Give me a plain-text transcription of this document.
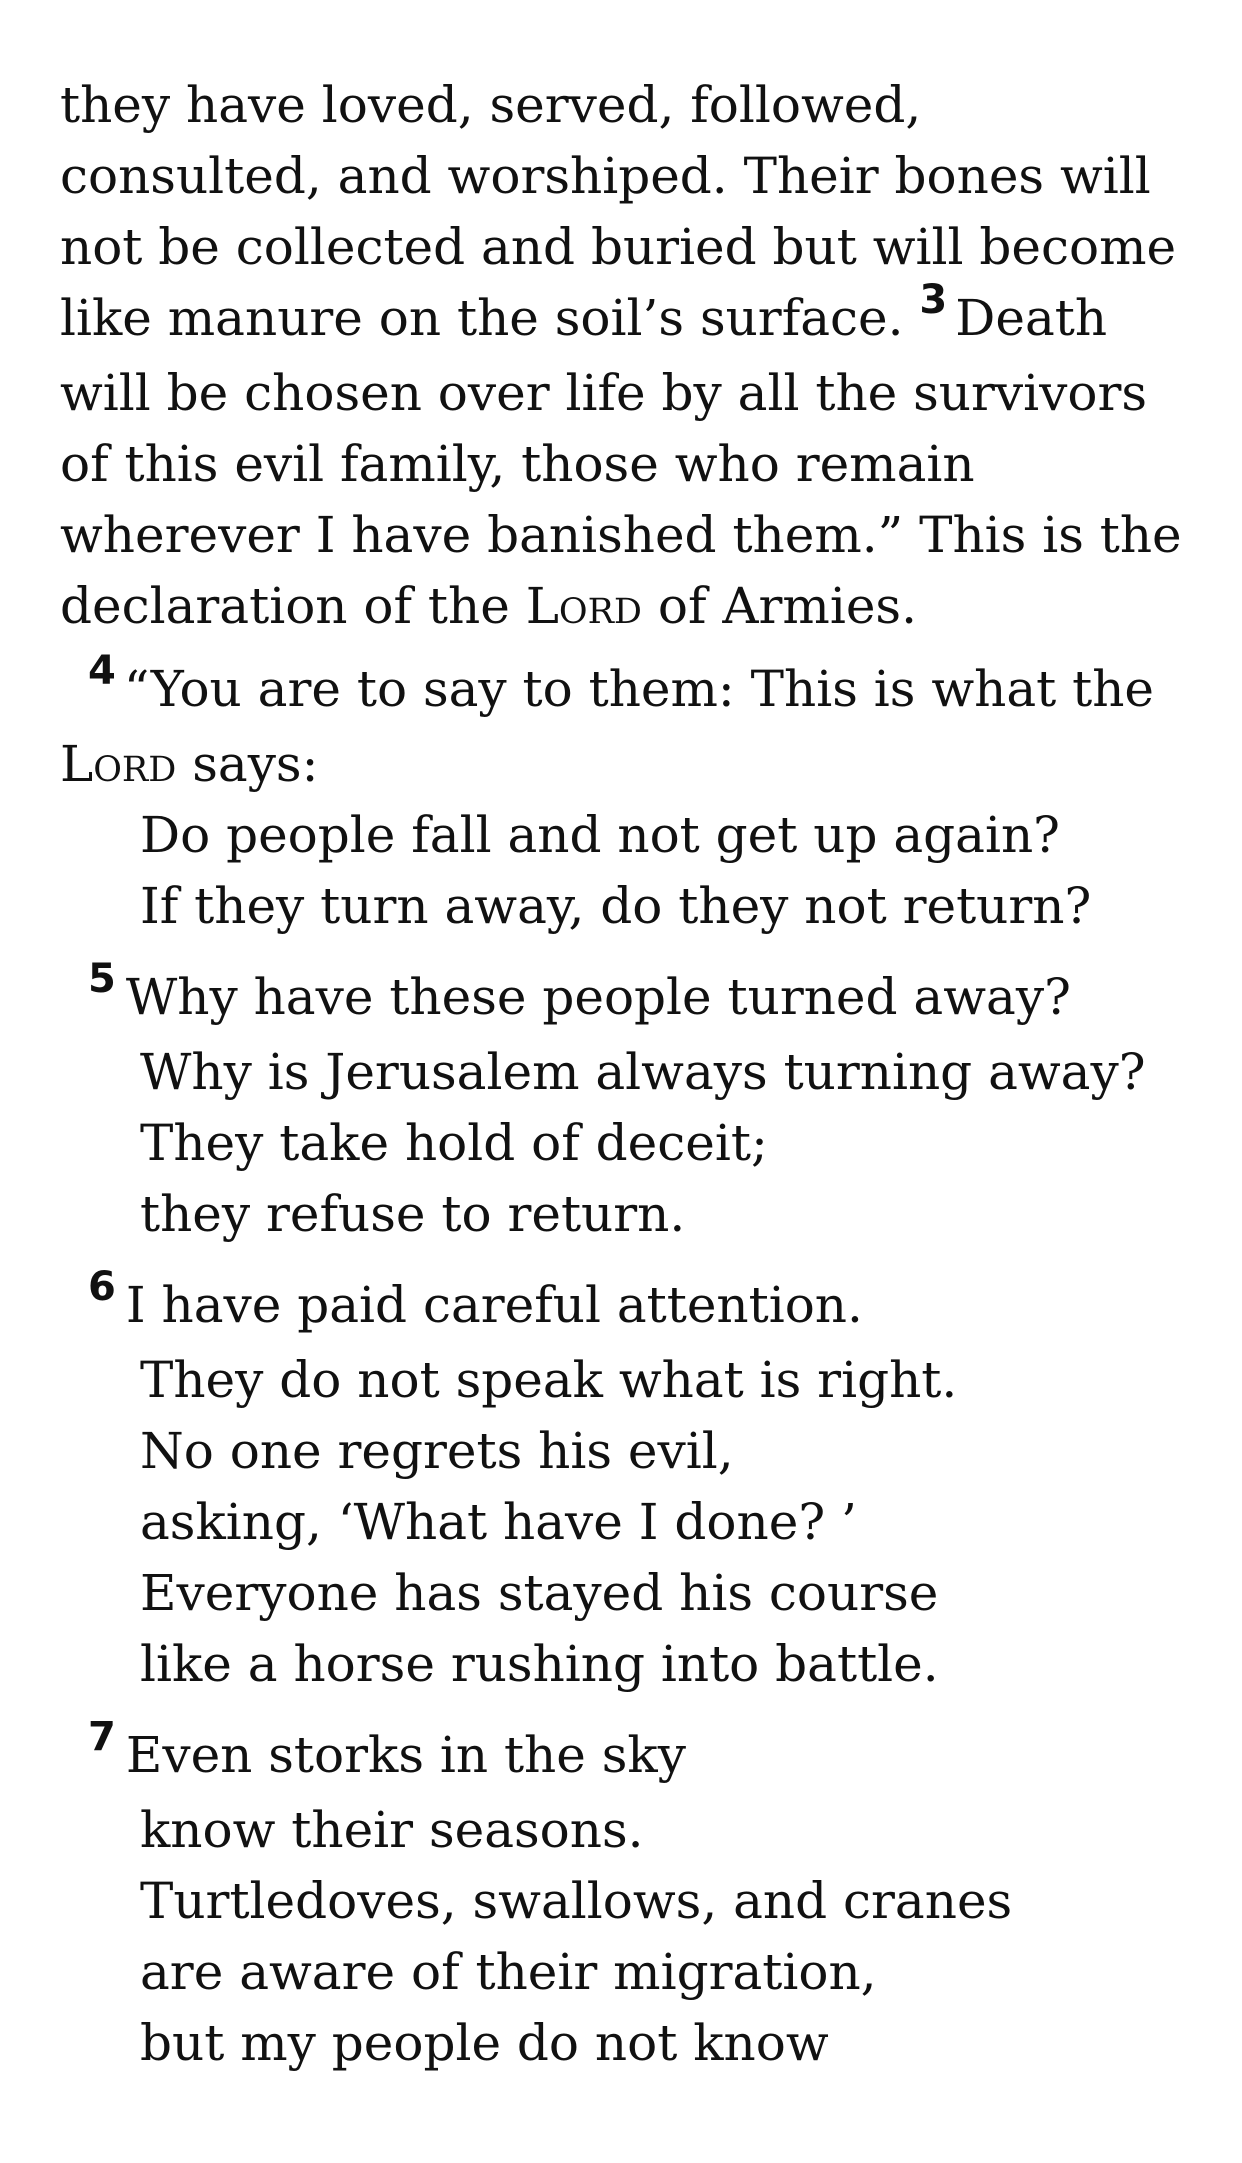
they have loved, served, followed, consulted, and worshiped. Their bones will not be collected and buried but will become like manure on the soil’s surface. $^3$ Death will be chosen over life by all the survivors of this evil family, those who remain wherever I have banished them.” This is the declaration of the Lord of Armies.

$^4$ “You are to say to them: This is what the Lord says:

Do people fall and not get up again?
If they turn away, do they not return?
$^5$ Why have these people turned away?
Why is Jerusalem always turning away?
They take hold of deceit;
they refuse to return.
$^6$ I have paid careful attention.
They do not speak what is right.
No one regrets his evil,
asking, ‘What have I done? ’
Everyone has stayed his course
like a horse rushing into battle.
$^7$ Even storks in the sky
know their seasons.
Turtledoves, swallows, and cranes
are aware of their migration,
but my people do not know
